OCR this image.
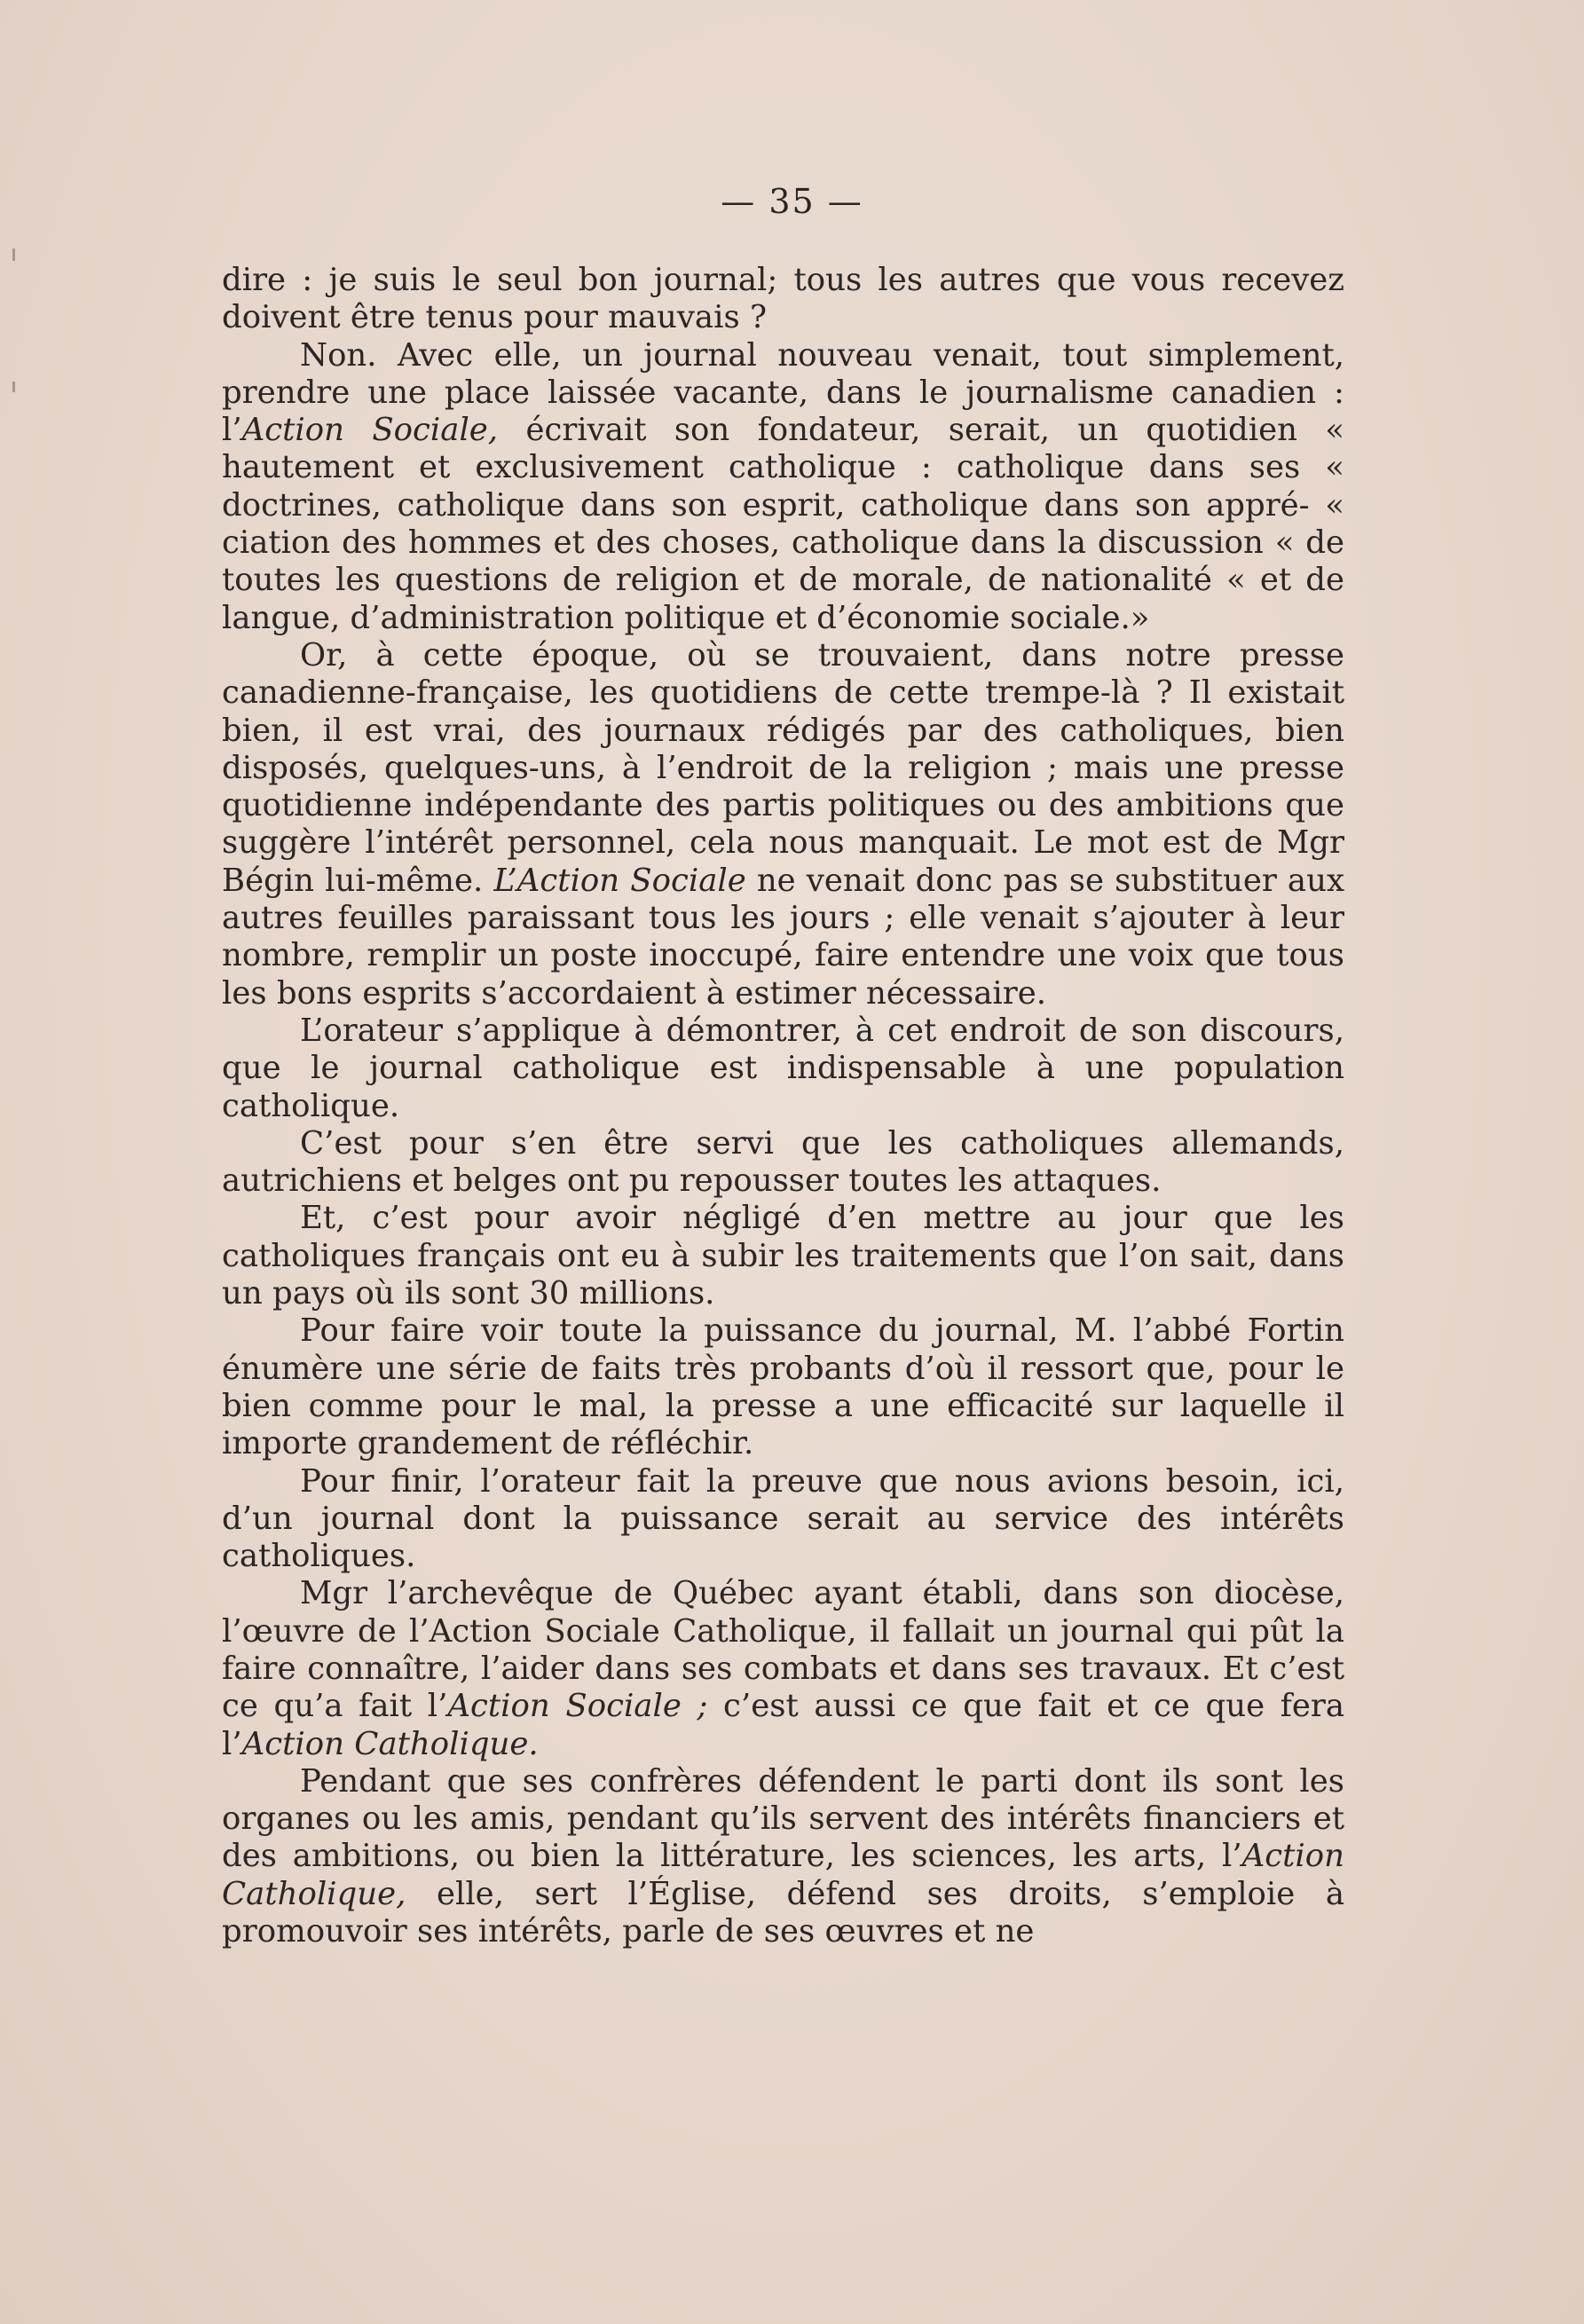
— 35 —

dire : je suis le seul bon journal; tous les autres que vous recevez doivent être tenus pour mauvais ?

Non. Avec elle, un journal nouveau venait, tout simplement, prendre une place laissée vacante, dans le journalisme canadien : l’Action Sociale, écrivait son fondateur, serait, un quotidien « hautement et exclusivement catholique : catholique dans ses « doctrines, catholique dans son esprit, catholique dans son appré- « ciation des hommes et des choses, catholique dans la discussion « de toutes les questions de religion et de morale, de nationalité « et de langue, d’administration politique et d’économie sociale.»

Or, à cette époque, où se trouvaient, dans notre presse canadienne-française, les quotidiens de cette trempe-là ? Il existait bien, il est vrai, des journaux rédigés par des catholiques, bien disposés, quelques-uns, à l’endroit de la religion ; mais une presse quotidienne indépendante des partis politiques ou des ambitions que suggère l’intérêt personnel, cela nous manquait. Le mot est de Mgr Bégin lui-même. L’Action Sociale ne venait donc pas se substituer aux autres feuilles paraissant tous les jours ; elle venait s’ajouter à leur nombre, remplir un poste inoccupé, faire entendre une voix que tous les bons esprits s’accordaient à estimer nécessaire.

L’orateur s’applique à démontrer, à cet endroit de son discours, que le journal catholique est indispensable à une population catholique.

C’est pour s’en être servi que les catholiques allemands, autrichiens et belges ont pu repousser toutes les attaques.

Et, c’est pour avoir négligé d’en mettre au jour que les catholiques français ont eu à subir les traitements que l’on sait, dans un pays où ils sont 30 millions.

Pour faire voir toute la puissance du journal, M. l’abbé Fortin énumère une série de faits très probants d’où il ressort que, pour le bien comme pour le mal, la presse a une efficacité sur laquelle il importe grandement de réfléchir.

Pour finir, l’orateur fait la preuve que nous avions besoin, ici, d’un journal dont la puissance serait au service des intérêts catholiques.

Mgr l’archevêque de Québec ayant établi, dans son diocèse, l’œuvre de l’Action Sociale Catholique, il fallait un journal qui pût la faire connaître, l’aider dans ses combats et dans ses travaux. Et c’est ce qu’a fait l’Action Sociale ; c’est aussi ce que fait et ce que fera l’Action Catholique.

Pendant que ses confrères défendent le parti dont ils sont les organes ou les amis, pendant qu’ils servent des intérêts financiers et des ambitions, ou bien la littérature, les sciences, les arts, l’Action Catholique, elle, sert l’Église, défend ses droits, s’emploie à promouvoir ses intérêts, parle de ses œuvres et ne
